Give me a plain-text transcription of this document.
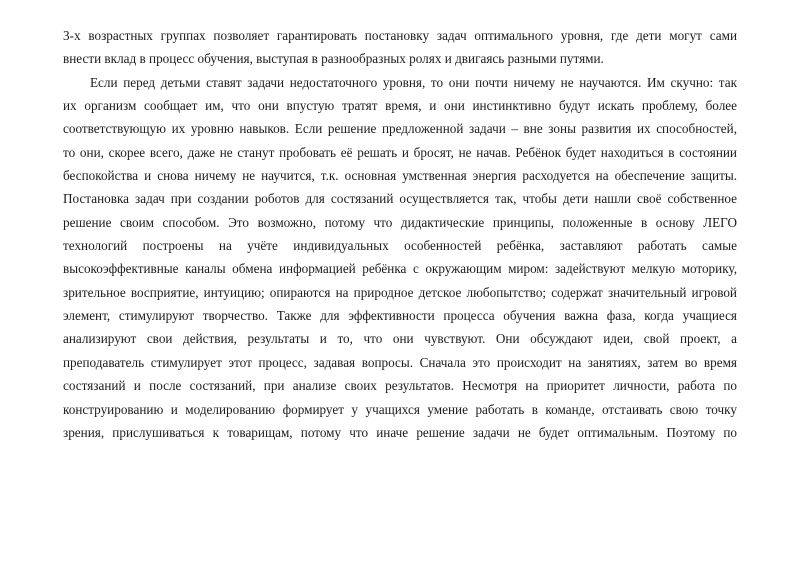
3-х возрастных группах позволяет гарантировать постановку задач оптимального уровня, где дети могут сами
внести вклад в процесс обучения, выступая в разнообразных ролях и двигаясь разными путями.
Если перед детьми ставят задачи недостаточного уровня, то они почти ничему не научаются. Им скучно: так
их организм сообщает им, что они впустую тратят время, и они инстинктивно будут искать проблему, более
соответствующую их уровню навыков. Если решение предложенной задачи – вне зоны развития их способностей,
то они, скорее всего, даже не станут пробовать её решать и бросят, не начав. Ребёнок будет находиться в состоянии
беспокойства и снова ничему не научится, т.к. основная умственная энергия расходуется на обеспечение защиты.
Постановка задач при создании роботов для состязаний осуществляется так, чтобы дети нашли своё собственное
решение своим способом. Это возможно, потому что дидактические принципы, положенные в основу ЛЕГО
технологий построены на учёте индивидуальных особенностей ребёнка, заставляют работать самые
высокоэффективные каналы обмена информацией ребёнка с окружающим миром: задействуют мелкую моторику,
зрительное восприятие, интуицию; опираются на природное детское любопытство; содержат значительный игровой
элемент, стимулируют творчество. Также для эффективности процесса обучения важна фаза, когда учащиеся
анализируют свои действия, результаты и то, что они чувствуют. Они обсуждают идеи, свой проект, а
преподаватель стимулирует этот процесс, задавая вопросы. Сначала это происходит на занятиях, затем во время
состязаний и после состязаний, при анализе своих результатов. Несмотря на приоритет личности, работа по
конструированию и моделированию формирует у учащихся умение работать в команде, отстаивать свою точку
зрения, прислушиваться к товарищам, потому что иначе решение задачи не будет оптимальным. Поэтому по
